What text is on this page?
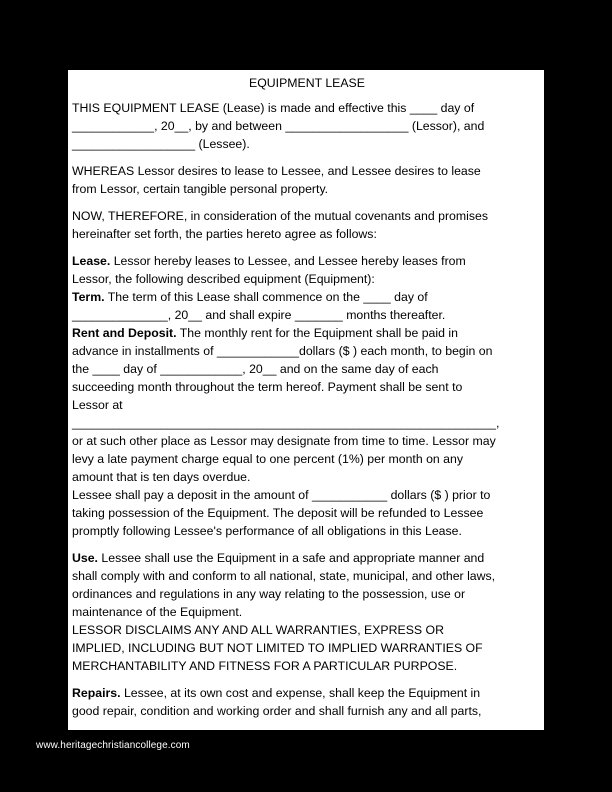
EQUIPMENT LEASE
THIS EQUIPMENT LEASE (Lease) is made and effective this ____ day of
____________, 20__, by and between __________________ (Lessor), and
__________________ (Lessee).
WHEREAS Lessor desires to lease to Lessee, and Lessee desires to lease
from Lessor, certain tangible personal property.
NOW, THEREFORE, in consideration of the mutual covenants and promises
hereinafter set forth, the parties hereto agree as follows:
Lease. Lessor hereby leases to Lessee, and Lessee hereby leases from
Lessor, the following described equipment (Equipment):
Term. The term of this Lease shall commence on the ____ day of
______________, 20__ and shall expire _______ months thereafter.
Rent and Deposit. The monthly rent for the Equipment shall be paid in
advance in installments of ____________dollars ($ ) each month, to begin on
the ____ day of ____________, 20__ and on the same day of each
succeeding month throughout the term hereof. Payment shall be sent to
Lessor at
______________________________________________________________,
or at such other place as Lessor may designate from time to time. Lessor may
levy a late payment charge equal to one percent (1%) per month on any
amount that is ten days overdue.
Lessee shall pay a deposit in the amount of ___________ dollars ($ ) prior to
taking possession of the Equipment. The deposit will be refunded to Lessee
promptly following Lessee's performance of all obligations in this Lease.
Use. Lessee shall use the Equipment in a safe and appropriate manner and
shall comply with and conform to all national, state, municipal, and other laws,
ordinances and regulations in any way relating to the possession, use or
maintenance of the Equipment.
LESSOR DISCLAIMS ANY AND ALL WARRANTIES, EXPRESS OR
IMPLIED, INCLUDING BUT NOT LIMITED TO IMPLIED WARRANTIES OF
MERCHANTABILITY AND FITNESS FOR A PARTICULAR PURPOSE.
Repairs. Lessee, at its own cost and expense, shall keep the Equipment in
good repair, condition and working order and shall furnish any and all parts,
www.heritagechristiancollege.com
